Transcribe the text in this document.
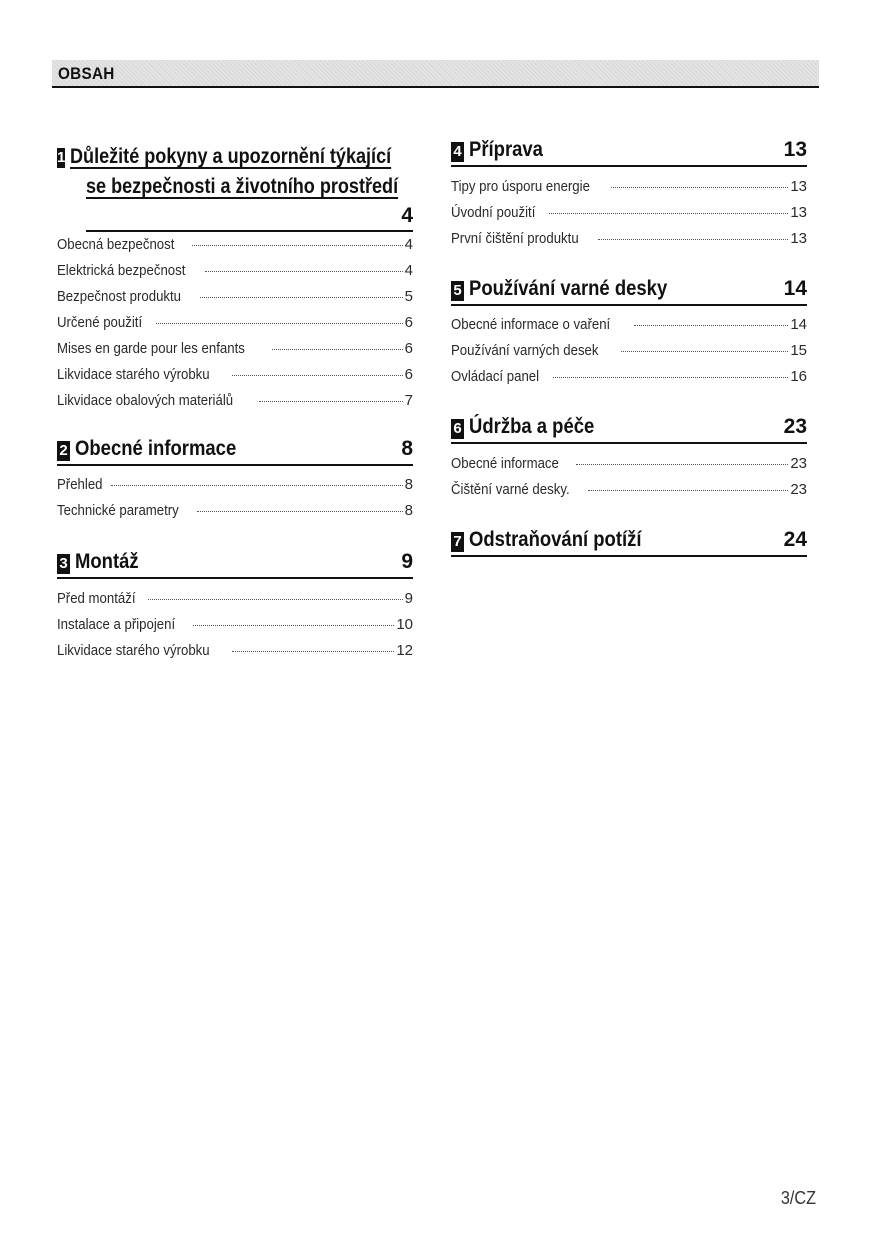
OBSAH
1 Důležité pokyny a upozornění týkající
se bezpečnosti a životního prostředí
4
Obecná bezpečnost	4
Elektrická bezpečnost	4
Bezpečnost produktu	5
Určené použití	6
Mises en garde pour les enfants	6
Likvidace starého výrobku	6
Likvidace obalových materiálů	7
2 Obecné informace	8
Přehled	8
Technické parametry	8
3 Montáž	9
Před montáží	9
Instalace a připojení	10
Likvidace starého výrobku	12
4 Příprava	13
Tipy pro úsporu energie	13
Úvodní použití	13
První čištění produktu	13
5 Používání varné desky	14
Obecné informace o vaření	14
Používání varných desek	15
Ovládací panel	16
6 Údržba a péče	23
Obecné informace	23
Čištění varné desky.	23
7 Odstraňování potíží	24
3/CZ
